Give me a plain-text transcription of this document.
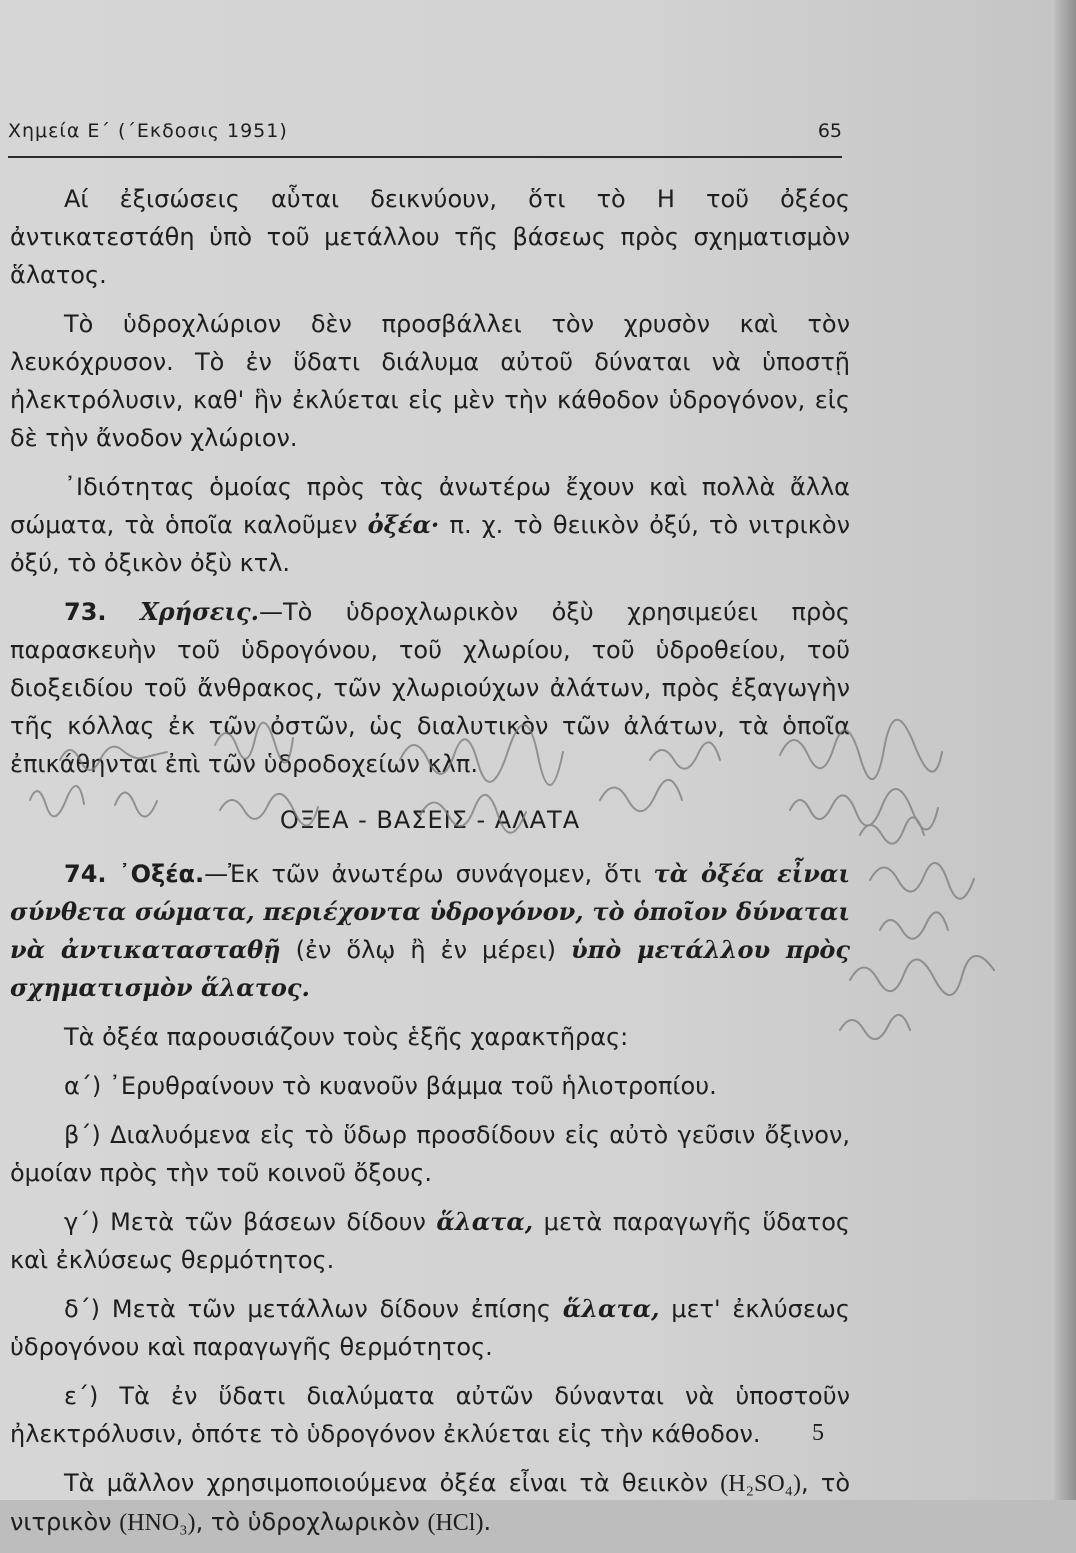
Χημεία Ε΄ (΄Εκδοσις 1951)	65

Αί ἐξισώσεις αὗται δεικνύουν, ὅτι τὸ Η τοῦ ὀξέος ἀντικατεστάθη ὑπὸ τοῦ μετάλλου τῆς βάσεως πρὸς σχηματισμὸν ἅλατος.

Τὸ ὑδροχλώριον δὲν προσβάλλει τὸν χρυσὸν καὶ τὸν λευκόχρυσον. Τὸ ἐν ὕδατι διάλυμα αὐτοῦ δύναται νὰ ὑποστῇ ἠλεκτρόλυσιν, καθ' ἣν ἐκλύεται εἰς μὲν τὴν κάθοδον ὑδρογόνον, εἰς δὲ τὴν ἄνοδον χλώριον.

᾿Ιδιότητας ὁμοίας πρὸς τὰς ἀνωτέρω ἔχουν καὶ πολλὰ ἄλλα σώματα, τὰ ὁποῖα καλοῦμεν ὀξέα· π. χ. τὸ θειικὸν ὀξύ, τὸ νιτρικὸν ὀξύ, τὸ ὀξικὸν ὀξὺ κτλ.

73. Χρήσεις.—Τὸ ὑδροχλωρικὸν ὀξὺ χρησιμεύει πρὸς παρασκευὴν τοῦ ὑδρογόνου, τοῦ χλωρίου, τοῦ ὑδροθείου, τοῦ διοξειδίου τοῦ ἄνθρακος, τῶν χλωριούχων ἀλάτων, πρὸς ἐξαγωγὴν τῆς κόλλας ἐκ τῶν ὀστῶν, ὡς διαλυτικὸν τῶν ἀλάτων, τὰ ὁποῖα ἐπικάθηνται ἐπὶ τῶν ὑδροδοχείων κλπ.

ΟΞΕΑ - ΒΑΣΕΙΣ - ΑΛΑΤΑ

74. ᾿Οξέα.—Ἐκ τῶν ἀνωτέρω συνάγομεν, ὅτι τὰ ὀξέα εἶναι σύνθετα σώματα, περιέχοντα ὑδρογόνον, τὸ ὁποῖον δύναται νὰ ἀντικατασταθῇ (ἐν ὅλῳ ἢ ἐν μέρει) ὑπὸ μετάλλου πρὸς σχηματισμὸν ἅλατος.

Τὰ ὀξέα παρουσιάζουν τοὺς ἑξῆς χαρακτῆρας:

α΄) ᾿Ερυθραίνουν τὸ κυανοῦν βάμμα τοῦ ἡλιοτροπίου.

β΄) Διαλυόμενα εἰς τὸ ὕδωρ προσδίδουν εἰς αὐτὸ γεῦσιν ὄξινον, ὁμοίαν πρὸς τὴν τοῦ κοινοῦ ὄξους.

γ΄) Μετὰ τῶν βάσεων δίδουν ἅλατα, μετὰ παραγωγῆς ὕδατος καὶ ἐκλύσεως θερμότητος.

δ΄) Μετὰ τῶν μετάλλων δίδουν ἐπίσης ἅλατα, μετ' ἐκλύσεως ὑδρογόνου καὶ παραγωγῆς θερμότητος.

ε΄) Τὰ ἐν ὕδατι διαλύματα αὐτῶν δύνανται νὰ ὑποστοῦν ἠλεκτρόλυσιν, ὁπότε τὸ ὑδρογόνον ἐκλύεται εἰς τὴν κάθοδον.

Τὰ μᾶλλον χρησιμοποιούμενα ὀξέα εἶναι τὰ θειικὸν (H₂SO₄), τὸ νιτρικὸν (HNO₃), τὸ ὑδροχλωρικὸν (HCl).

5
